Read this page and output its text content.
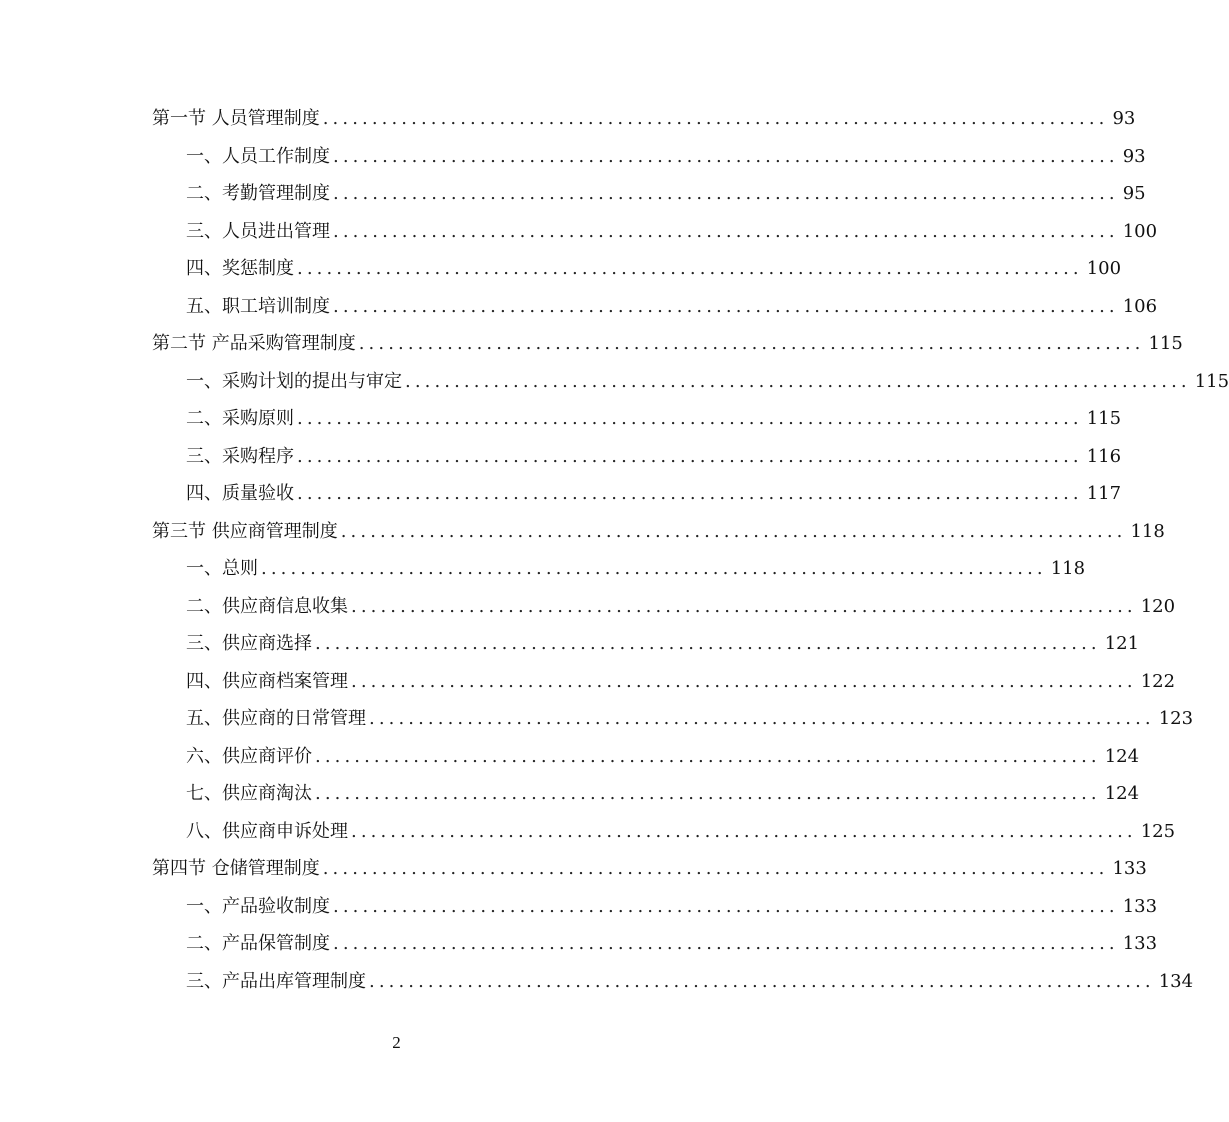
第一节 人员管理制度 ................................................................................ 93
一、人员工作制度 ................................................................................ 93
二、考勤管理制度 ................................................................................ 95
三、人员进出管理 ................................................................................ 100
四、奖惩制度 ................................................................................ 100
五、职工培训制度 ................................................................................ 106
第二节 产品采购管理制度 ................................................................................ 115
一、采购计划的提出与审定 ................................................................................ 115
二、采购原则 ................................................................................ 115
三、采购程序 ................................................................................ 116
四、质量验收 ................................................................................ 117
第三节 供应商管理制度 ................................................................................ 118
一、总则 ................................................................................ 118
二、供应商信息收集 ................................................................................ 120
三、供应商选择 ................................................................................ 121
四、供应商档案管理 ................................................................................ 122
五、供应商的日常管理 ................................................................................ 123
六、供应商评价 ................................................................................ 124
七、供应商淘汰 ................................................................................ 124
八、供应商申诉处理 ................................................................................ 125
第四节 仓储管理制度 ................................................................................ 133
一、产品验收制度 ................................................................................ 133
二、产品保管制度 ................................................................................ 133
三、产品出库管理制度 ................................................................................ 134
2
